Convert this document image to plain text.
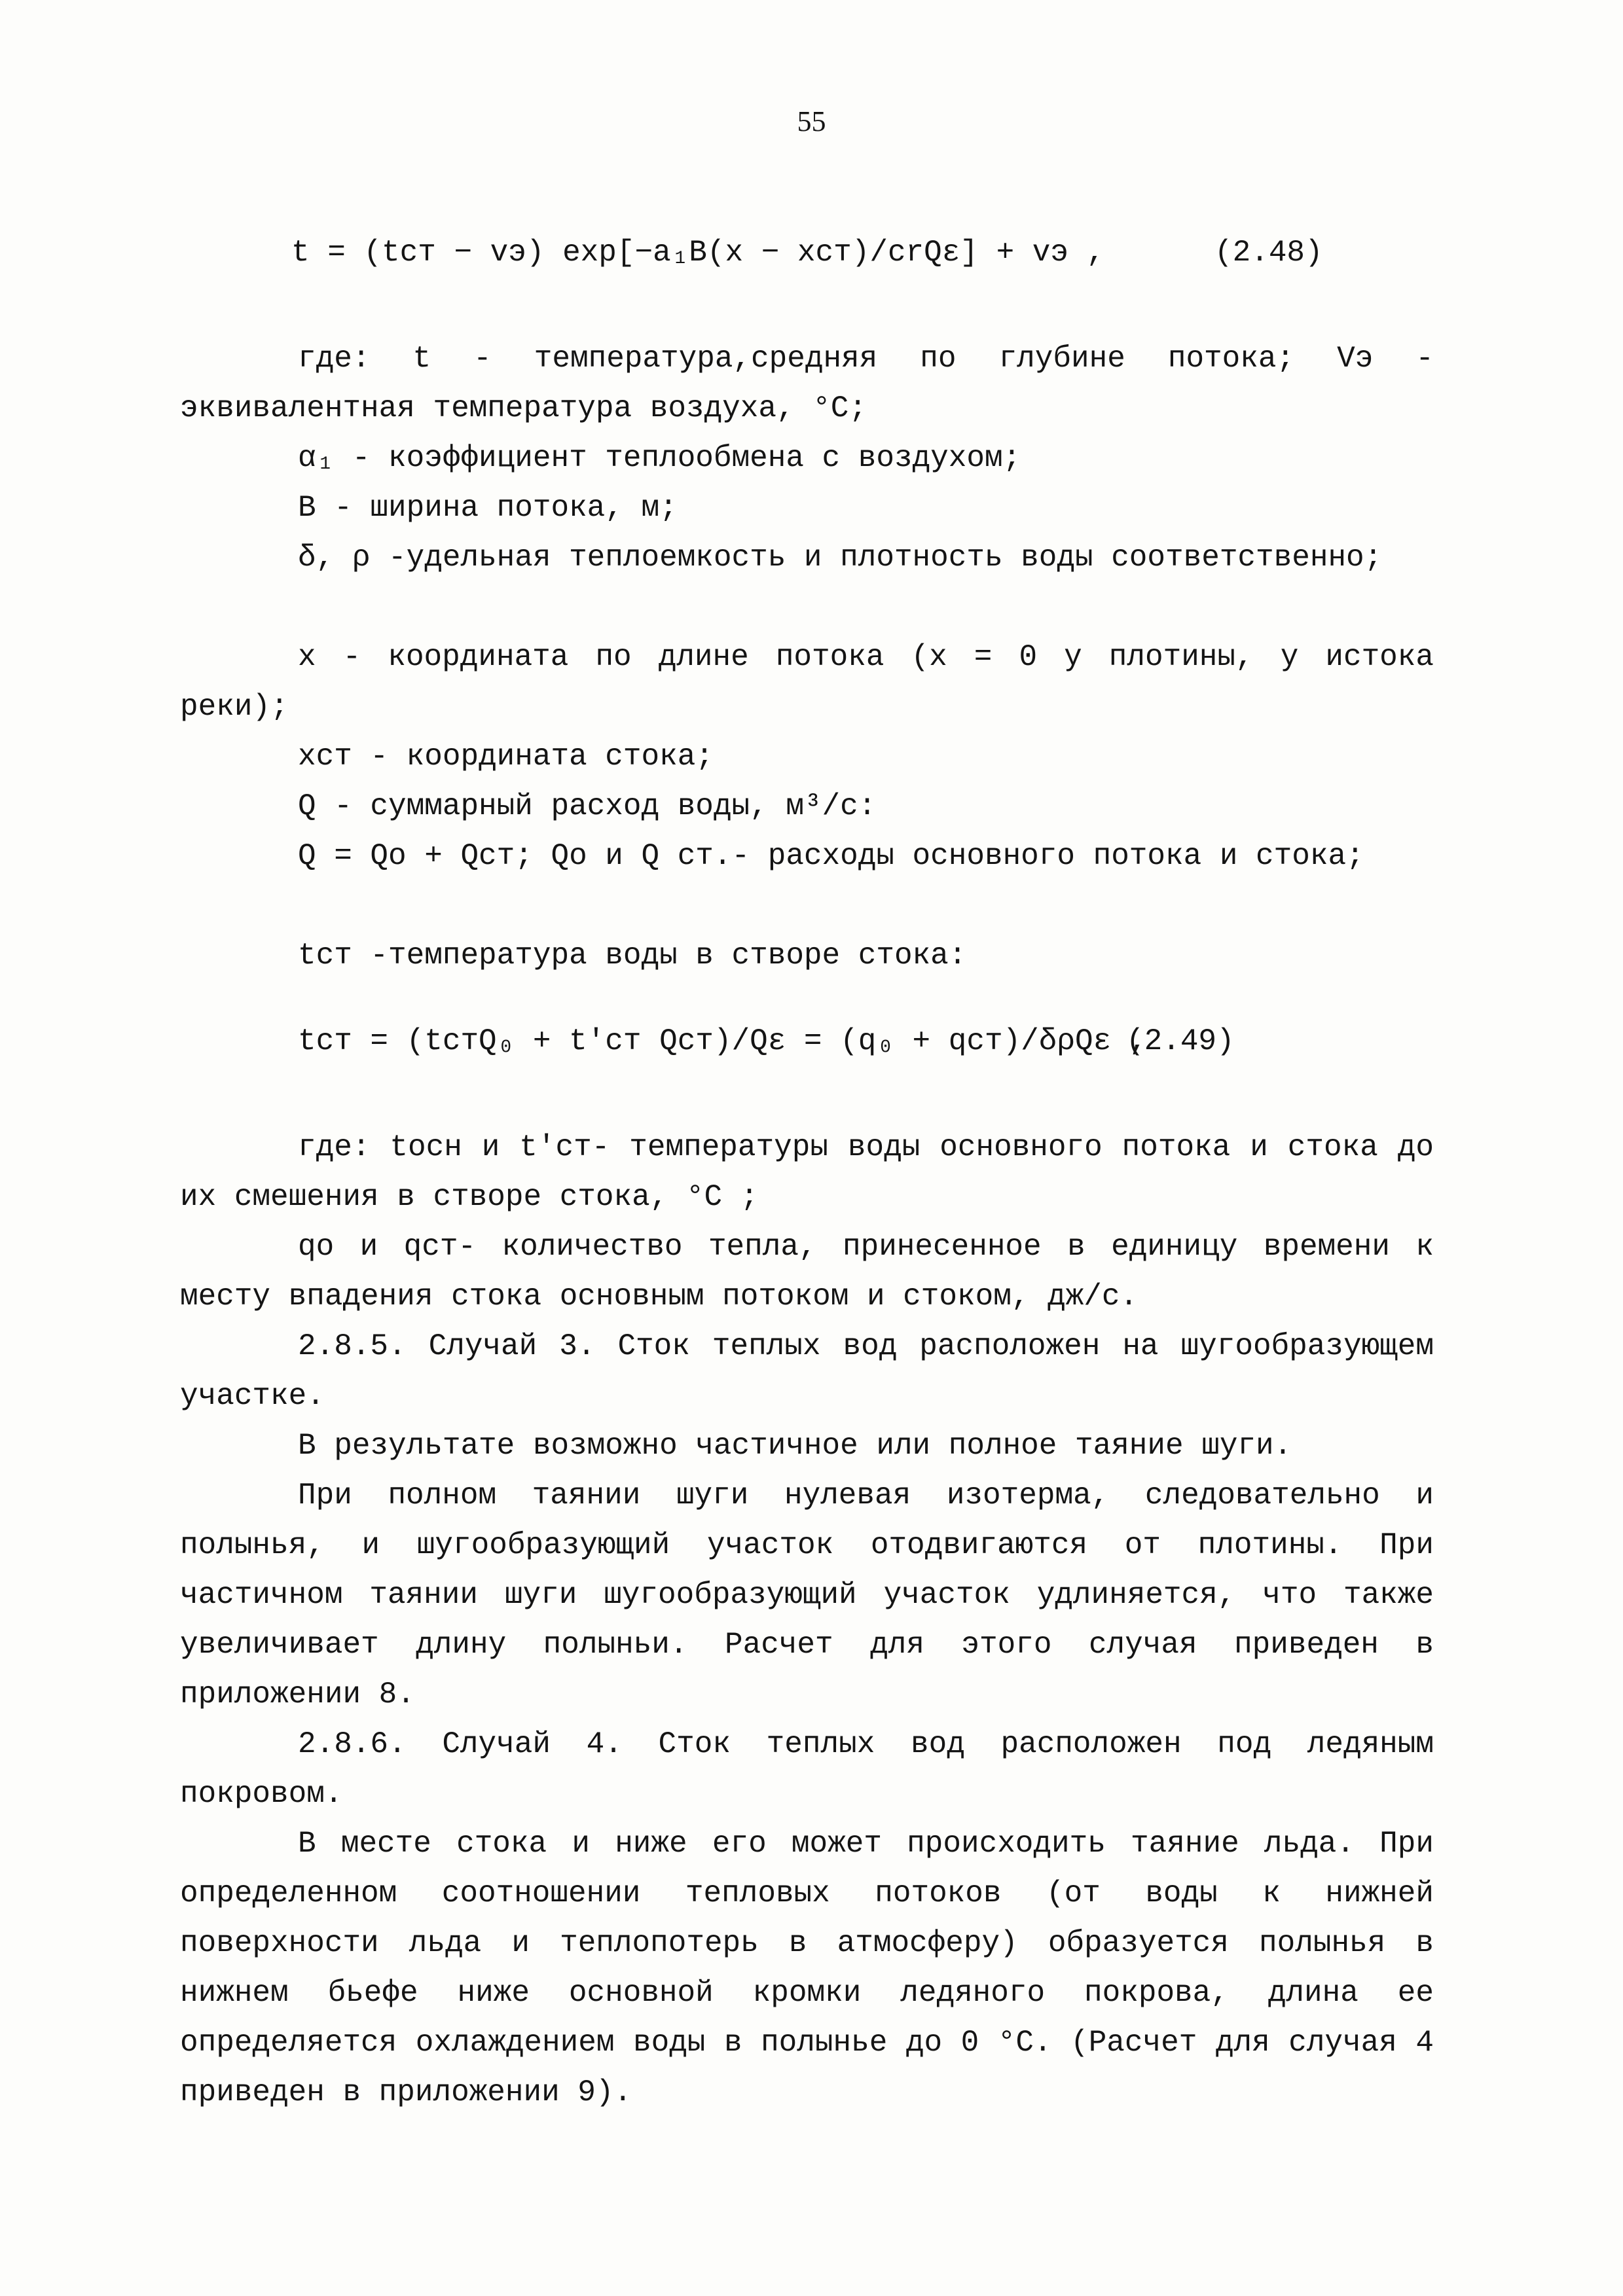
55
t = (tст − vэ) exp[−a₁B(x − xст)/crQε] + vэ ,	(2.48)
где: t - температура,средняя по глубине потока; Vэ - эквивалентная температура воздуха, °C;
α₁ - коэффициент теплообмена с воздухом;
B - ширина потока, м;
δ, ρ -удельная теплоемкость и плотность воды соответственно;
x - координата по длине потока (x = 0 у плотины, у истока реки);
xст - координата стока;
Q - суммарный расход воды, м³/с:
Q = Qo + Qст; Qo и Q ст.- расходы основного потока и стока;
tст -температура воды в створе стока:
tст = (tстQ₀ + t'ст Qст)/Qε = (q₀ + qст)/δρQε ,
(2.49)
где: tосн и t'ст- температуры воды основного потока и стока до их смешения в створе стока, °C ;
qо и qст- количество тепла, принесенное в единицу времени к месту впадения стока основным потоком и стоком, дж/с.
2.8.5. Случай 3. Сток теплых вод расположен на шугообразующем участке.
В результате возможно частичное или полное таяние шуги.
При полном таянии шуги нулевая изотерма, следовательно и полынья, и шугообразующий участок отодвигаются от плотины. При частичном таянии шуги шугообразующий участок удлиняется, что также увеличивает длину полыньи. Расчет для этого случая приведен в приложении 8.
2.8.6. Случай 4. Сток теплых вод расположен под ледяным покровом.
В месте стока и ниже его может происходить таяние льда. При определенном соотношении тепловых потоков (от воды к нижней поверхности льда и теплопотерь в атмосферу) образуется полынья в нижнем бьефе ниже основной кромки ледяного покрова, длина ее определяется охлаждением воды в полынье до 0 °C. (Расчет для случая 4 приведен в приложении 9).
